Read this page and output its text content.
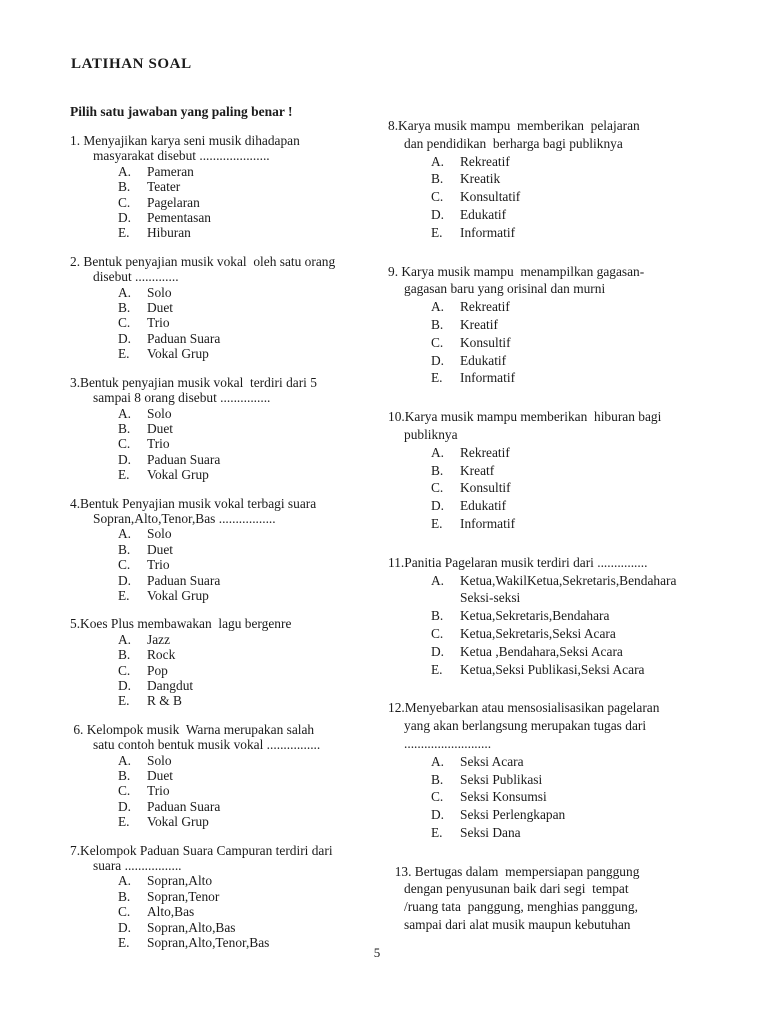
LATIHAN SOAL
Pilih satu jawaban yang paling benar !
1. Menyajikan karya seni musik dihadapan
masyarakat disebut .....................
A.	Pameran
B.	Teater
C.	Pagelaran
D.	Pementasan
E.	Hiburan
2. Bentuk penyajian musik vokal  oleh satu orang
disebut .............
A.	Solo
B.	Duet
C.	Trio
D.	Paduan Suara
E.	Vokal Grup
3.Bentuk penyajian musik vokal  terdiri dari 5
sampai 8 orang disebut ...............
A.	Solo
B.	Duet
C.	Trio
D.	Paduan Suara
E.	Vokal Grup
4.Bentuk Penyajian musik vokal terbagi suara
Sopran,Alto,Tenor,Bas .................
A.	Solo
B.	Duet
C.	Trio
D.	Paduan Suara
E.	Vokal Grup
5.Koes Plus membawakan  lagu bergenre
A.	Jazz
B.	Rock
C.	Pop
D.	Dangdut
E.	R & B
6. Kelompok musik  Warna merupakan salah
satu contoh bentuk musik vokal ................
A.	Solo
B.	Duet
C.	Trio
D.	Paduan Suara
E.	Vokal Grup
7.Kelompok Paduan Suara Campuran terdiri dari
suara .................
A.	Sopran,Alto
B.	Sopran,Tenor
C.	Alto,Bas
D.	Sopran,Alto,Bas
E.	Sopran,Alto,Tenor,Bas
8.Karya musik mampu  memberikan  pelajaran
dan pendidikan  berharga bagi publiknya
A.	Rekreatif
B.	Kreatik
C.	Konsultatif
D.	Edukatif
E.	Informatif
9. Karya musik mampu  menampilkan gagasan-
gagasan baru yang orisinal dan murni
A.	Rekreatif
B.	Kreatif
C.	Konsultif
D.	Edukatif
E.	Informatif
10.Karya musik mampu memberikan  hiburan bagi
publiknya
A.	Rekreatif
B.	Kreatf
C.	Konsultif
D.	Edukatif
E.	Informatif
11.Panitia Pagelaran musik terdiri dari ...............
A.	Ketua,WakilKetua,Sekretaris,Bendahara
Seksi-seksi
B.	Ketua,Sekretaris,Bendahara
C.	Ketua,Sekretaris,Seksi Acara
D.	Ketua ,Bendahara,Seksi Acara
E.	Ketua,Seksi Publikasi,Seksi Acara
12.Menyebarkan atau mensosialisasikan pagelaran
yang akan berlangsung merupakan tugas dari
..........................
A.	Seksi Acara
B.	Seksi Publikasi
C.	Seksi Konsumsi
D.	Seksi Perlengkapan
E.	Seksi Dana
13. Bertugas dalam  mempersiapan panggung
dengan penyusunan baik dari segi  tempat
/ruang tata  panggung, menghias panggung,
sampai dari alat musik maupun kebutuhan
5
